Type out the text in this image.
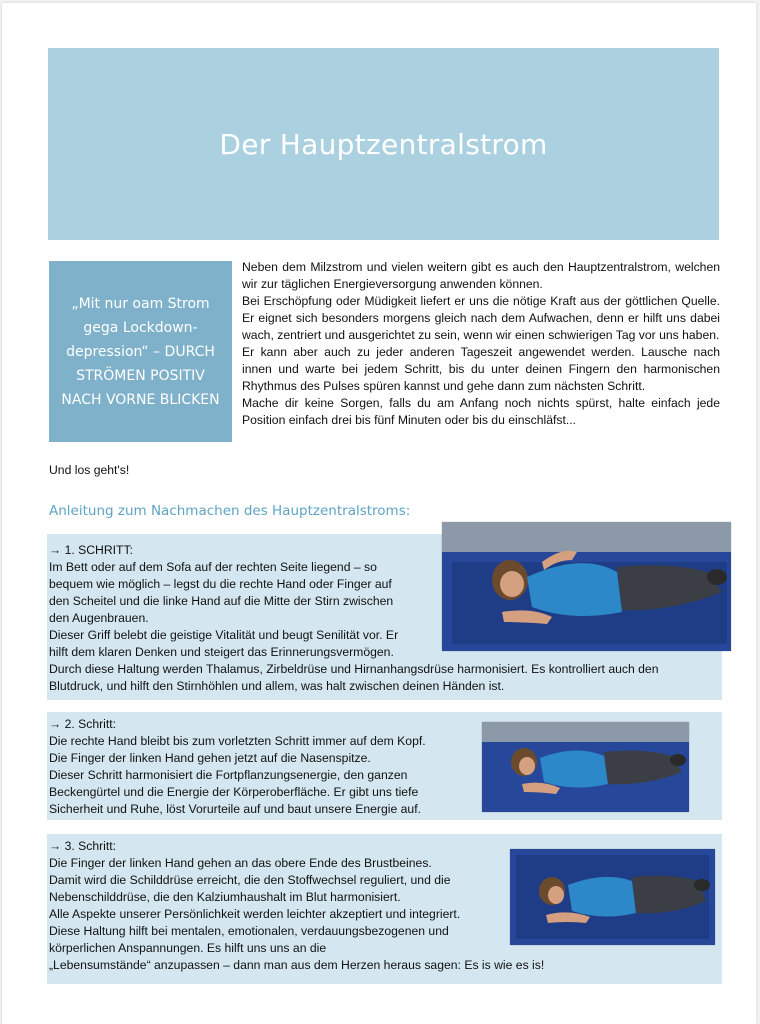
Der Hauptzentralstrom

„Mit nur oam Strom gega Lockdown-depression“ – DURCH STRÖMEN POSITIV NACH VORNE BLICKEN

Neben dem Milzstrom und vielen weitern gibt es auch den Hauptzentralstrom, welchen wir zur täglichen Energieversorgung anwenden können.

Bei Erschöpfung oder Müdigkeit liefert er uns die nötige Kraft aus der göttlichen Quelle. Er eignet sich besonders morgens gleich nach dem Aufwachen, denn er hilft uns dabei wach, zentriert und ausgerichtet zu sein, wenn wir einen schwierigen Tag vor uns haben.

Er kann aber auch zu jeder anderen Tageszeit angewendet werden. Lausche nach innen und warte bei jedem Schritt, bis du unter deinen Fingern den harmonischen Rhythmus des Pulses spüren kannst und gehe dann zum nächsten Schritt.

Mache dir keine Sorgen, falls du am Anfang noch nichts spürst, halte einfach jede Position einfach drei bis fünf Minuten oder bis du einschläfst...

Und los geht's!

Anleitung zum Nachmachen des Hauptzentralstroms:

→ 1. SCHRITT:

Im Bett oder auf dem Sofa auf der rechten Seite liegend – so

bequem wie möglich – legst du die rechte Hand oder Finger auf

den Scheitel und die linke Hand auf die Mitte der Stirn zwischen

den Augenbrauen.

Dieser Griff belebt die geistige Vitalität und beugt Senilität vor. Er

hilft dem klaren Denken und steigert das Erinnerungsvermögen.

Durch diese Haltung werden Thalamus, Zirbeldrüse und Hirnanhangsdrüse harmonisiert. Es kontrolliert auch den

Blutdruck, und hilft den Stirnhöhlen und allem, was halt zwischen deinen Händen ist.

→ 2. Schritt:

Die rechte Hand bleibt bis zum vorletzten Schritt immer auf dem Kopf.

Die Finger der linken Hand gehen jetzt auf die Nasenspitze.

Dieser Schritt harmonisiert die Fortpflanzungsenergie, den ganzen

Beckengürtel und die Energie der Körperoberfläche. Er gibt uns tiefe

Sicherheit und Ruhe, löst Vorurteile auf und baut unsere Energie auf.

→ 3. Schritt:

Die Finger der linken Hand gehen an das obere Ende des Brustbeines.

Damit wird die Schilddrüse erreicht, die den Stoffwechsel reguliert, und die

Nebenschilddrüse, die den Kalziumhaushalt im Blut harmonisiert.

Alle Aspekte unserer Persönlichkeit werden leichter akzeptiert und integriert.

Diese Haltung hilft bei mentalen, emotionalen, verdauungsbezogenen und

körperlichen Anspannungen. Es hilft uns uns an die

„Lebensumstände“ anzupassen – dann man aus dem Herzen heraus sagen: Es is wie es is!
